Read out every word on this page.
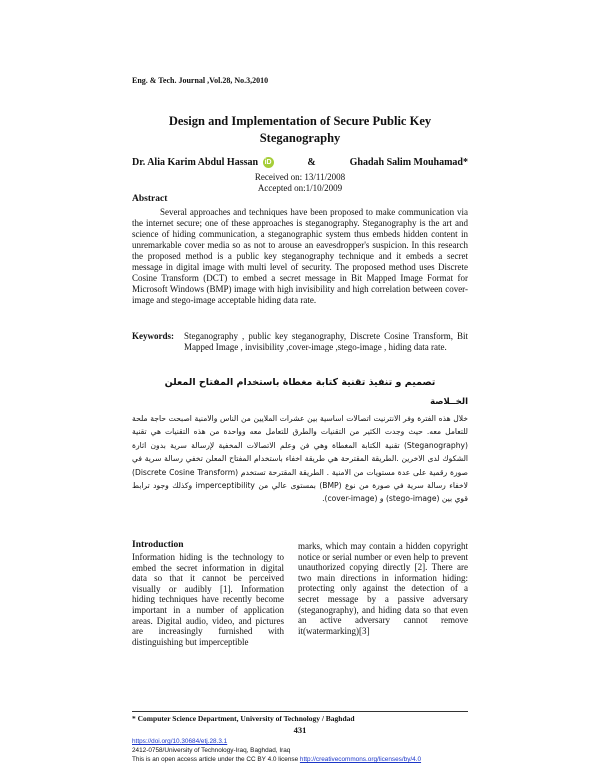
Eng. & Tech. Journal ,Vol.28, No.3,2010
Design and Implementation of Secure Public Key Steganography
Dr. Alia Karim Abdul Hassan iD	&	Ghadah Salim Mouhamad*
Received on: 13/11/2008
Accepted on:1/10/2009
Abstract

Several approaches and techniques have been proposed to make communication via the internet secure; one of these approaches is steganography. Steganography is the art and science of hiding communication, a steganographic system thus embeds hidden content in unremarkable cover media so as not to arouse an eavesdropper's suspicion. In this research the proposed method is a public key steganography technique and it embeds a secret message in digital image with multi level of security. The proposed method uses Discrete Cosine Transform (DCT) to embed a secret message in Bit Mapped Image Format for Microsoft Windows (BMP) image with high invisibility and high correlation between cover-image and stego-image acceptable hiding data rate.

Keywords:	Steganography , public key steganography, Discrete Cosine Transform, Bit Mapped Image , invisibility ,cover-image ,stego-image , hiding data rate.
تصميم و تنفيذ تقنية كتابة مغطاة باستخدام المفتاح المعلن
الخــلاصة

خلال هذه الفترة وفر الانترنيت اتصالات اساسية بين عشرات الملايين من الناس والامنية اصبحت حاجة ملحة للتعامل معه. حيث وجدت الكثير من التقنيات والطرق للتعامل معه وواحدة من هذه التقنيات هي تقنية (Steganography) تقنية الكتابة المغطاة وهي فن وعلم الاتصالات المخفية لإرسالة سرية بدون اثارة الشكوك لدى الاخرين .الطريقة المقترحة هي طريقة اخفاء باستخدام المفتاح المعلن تخفي رسالة سرية في صورة رقمية على عدة مستويات من الامنية . الطريقة المقترحة تستخدم (Discrete Cosine Transform) لاخفاء رسالة سرية في صورة من نوع (BMP) بمستوى عالي من imperceptibility وكذلك وجود ترابط قوي بين (stego-image) و (cover-image).

Introduction

Information hiding is the technology to embed the secret information in digital data so that it cannot be perceived visually or audibly [1]. Information hiding techniques have recently become important in a number of application areas. Digital audio, video, and pictures are increasingly furnished with distinguishing but imperceptible

marks, which may contain a hidden copyright notice or serial number or even help to prevent unauthorized copying directly [2]. There are two main directions in information hiding: protecting only against the detection of a secret message by a passive adversary (steganography), and hiding data so that even an active adversary cannot remove it(watermarking)[3]

* Computer Science Department, University of Technology / Baghdad
431
https://doi.org/10.30684/etj.28.3.1
2412-0758/University of Technology-Iraq, Baghdad, Iraq
This is an open access article under the CC BY 4.0 license http://creativecommons.org/licenses/by/4.0
